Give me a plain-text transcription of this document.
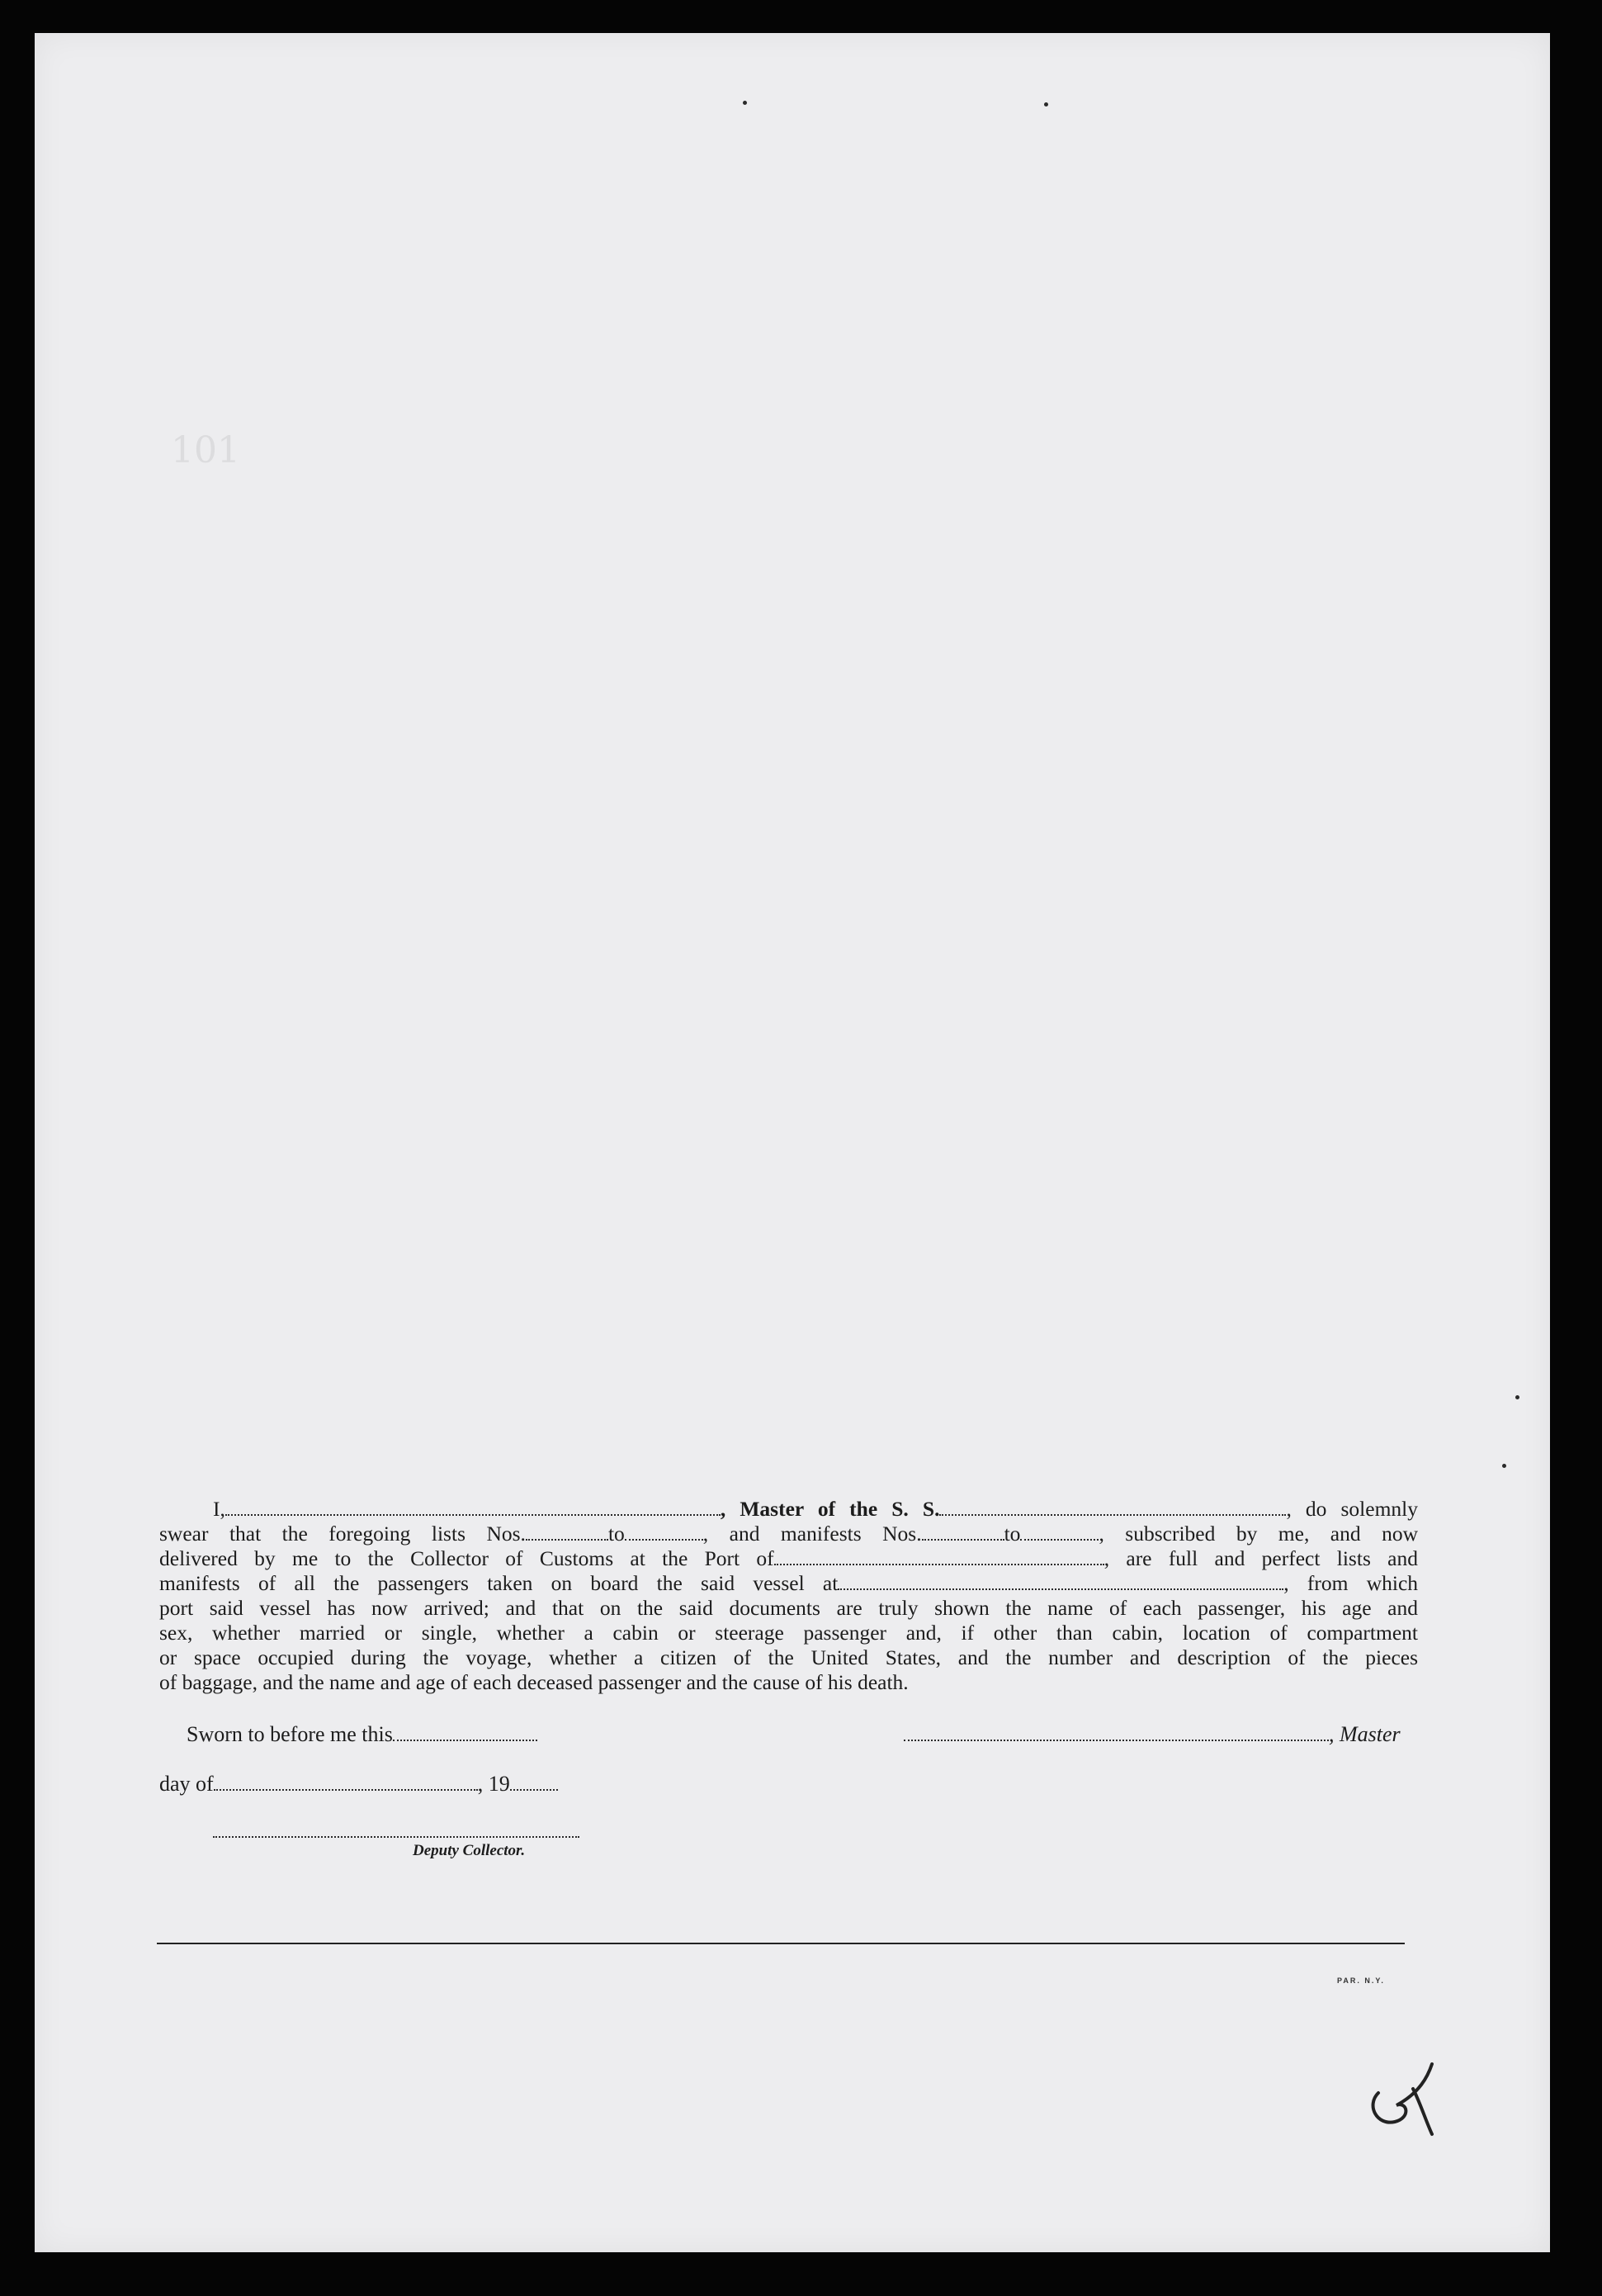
101

I,	, Master of the S. S.	, do solemnly

swear that the foregoing lists Nos.	to	, and manifests Nos.	to	, subscribed by me, and now

delivered by me to the Collector of Customs at the Port of	, are full and perfect lists and

manifests of all the passengers taken on board the said vessel at	, from which

port said vessel has now arrived; and that on the said documents are truly shown the name of each passenger, his age and

sex, whether married or single, whether a cabin or steerage passenger and, if other than cabin, location of compartment

or space occupied during the voyage, whether a citizen of the United States, and the number and description of the pieces

of baggage, and the name and age of each deceased passenger and the cause of his death.

Sworn to before me this	, Master
day of	, 19
Deputy Collector.
PAR. N.Y.
